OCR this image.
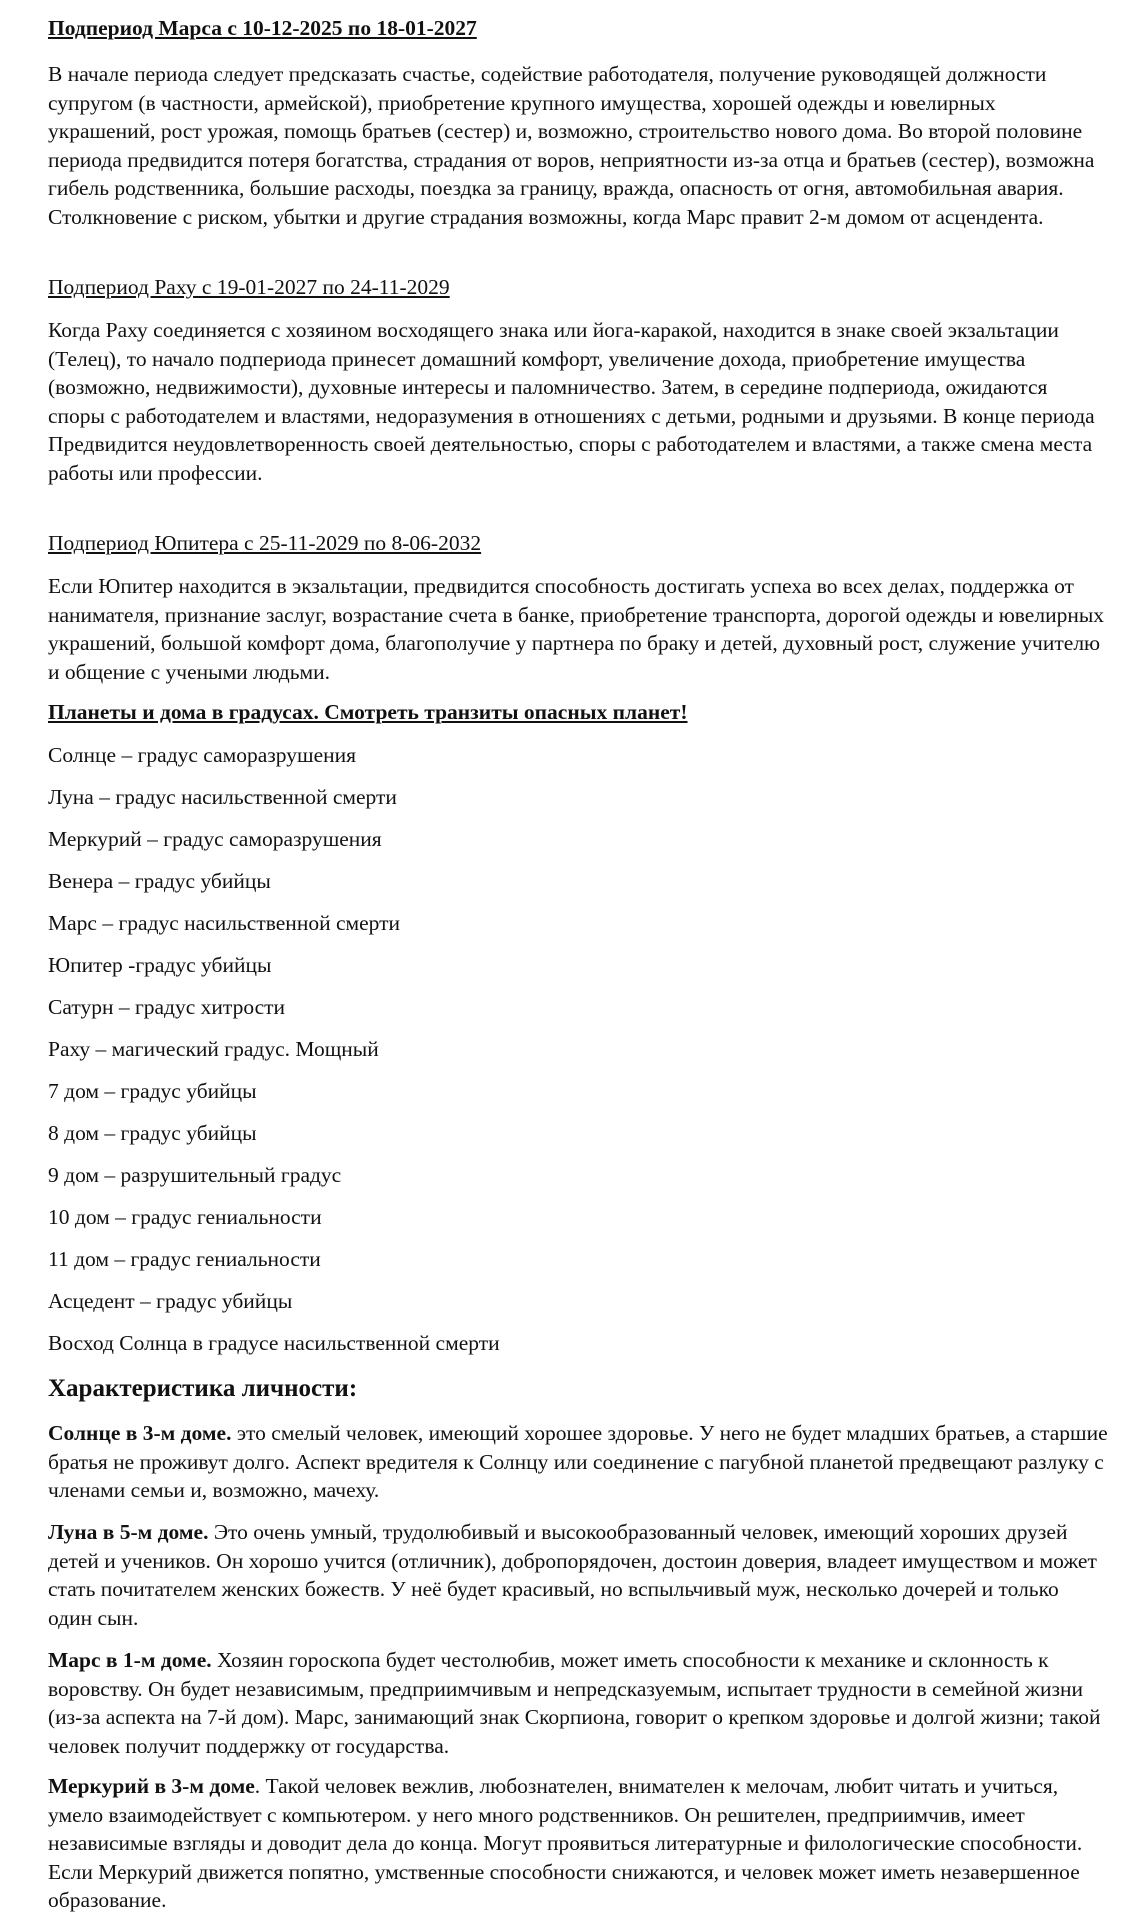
Подпериод Марса с 10-12-2025 по 18-01-2027

В начале периода следует предсказать счастье, содействие работодателя, получение руководящей должности супругом (в частности, армейской), приобретение крупного имущества, хорошей одежды и ювелирных украшений, рост урожая, помощь братьев (сестер) и, возможно, строительство нового дома. Во второй половине периода предвидится потеря богатства, страдания от воров, неприятности из-за отца и братьев (сестер), возможна гибель родственника, большие расходы, поездка за границу, вражда, опасность от огня, автомобильная авария. Столкновение с риском, убытки и другие страдания возможны, когда Марс правит 2-м домом от асцендента.

Подпериод Раху с 19-01-2027 по 24-11-2029

Когда Раху соединяется с хозяином восходящего знака или йога-каракой, находится в знаке своей экзальтации (Телец), то начало подпериода принесет домашний комфорт, увеличение дохода, приобретение имущества (возможно, недвижимости), духовные интересы и паломничество. Затем, в середине подпериода, ожидаются споры с работодателем и властями, недоразумения в отношениях с детьми, родными и друзьями. В конце периода Предвидится неудовлетворенность своей деятельностью, споры с работодателем и властями, а также смена места работы или профессии.

Подпериод Юпитера с 25-11-2029 по 8-06-2032

Если Юпитер находится в экзальтации, предвидится способность достигать успеха во всех делах, поддержка от нанимателя, признание заслуг, возрастание счета в банке, приобретение транспорта, дорогой одежды и ювелирных украшений, большой комфорт дома, благополучие у партнера по браку и детей, духовный рост, служение учителю и общение с учеными людьми.

Планеты и дома в градусах. Смотреть транзиты опасных планет!

Солнце – градус саморазрушения

Луна – градус насильственной смерти

Меркурий – градус саморазрушения

Венера – градус убийцы

Марс – градус насильственной смерти

Юпитер -градус убийцы

Сатурн – градус хитрости

Раху – магический градус. Мощный

7 дом – градус убийцы

8 дом – градус убийцы

9 дом – разрушительный градус

10 дом – градус гениальности

11 дом – градус гениальности

Асцедент – градус убийцы

Восход Солнца в градусе насильственной смерти

Характеристика личности:

Солнце в 3-м доме. это смелый человек, имеющий хорошее здоровье. У него не будет младших братьев, а старшие братья не проживут долго. Аспект вредителя к Солнцу или соединение с пагубной планетой предвещают разлуку с членами семьи и, возможно, мачеху.

Луна в 5-м доме. Это очень умный, трудолюбивый и высокообразованный человек, имеющий хороших друзей детей и учеников. Он хорошо учится (отличник), добропорядочен, достоин доверия, владеет имуществом и может стать почитателем женских божеств. У неё будет красивый, но вспыльчивый муж, несколько дочерей и только один сын.

Марс в 1-м доме. Хозяин гороскопа будет честолюбив, может иметь способности к механике и склонность к воровству. Он будет независимым, предприимчивым и непредсказуемым, испытает трудности в семейной жизни (из-за аспекта на 7-й дом). Марс, занимающий знак Скорпиона, говорит о крепком здоровье и долгой жизни; такой человек получит поддержку от государства.

Меркурий в 3-м доме. Такой человек вежлив, любознателен, внимателен к мелочам, любит читать и учиться, умело взаимодействует с компьютером. у него много родственников. Он решителен, предприимчив, имеет независимые взгляды и доводит дела до конца. Могут проявиться литературные и филологические способности. Если Меркурий движется попятно, умственные способности снижаются, и человек может иметь незавершенное образование.
